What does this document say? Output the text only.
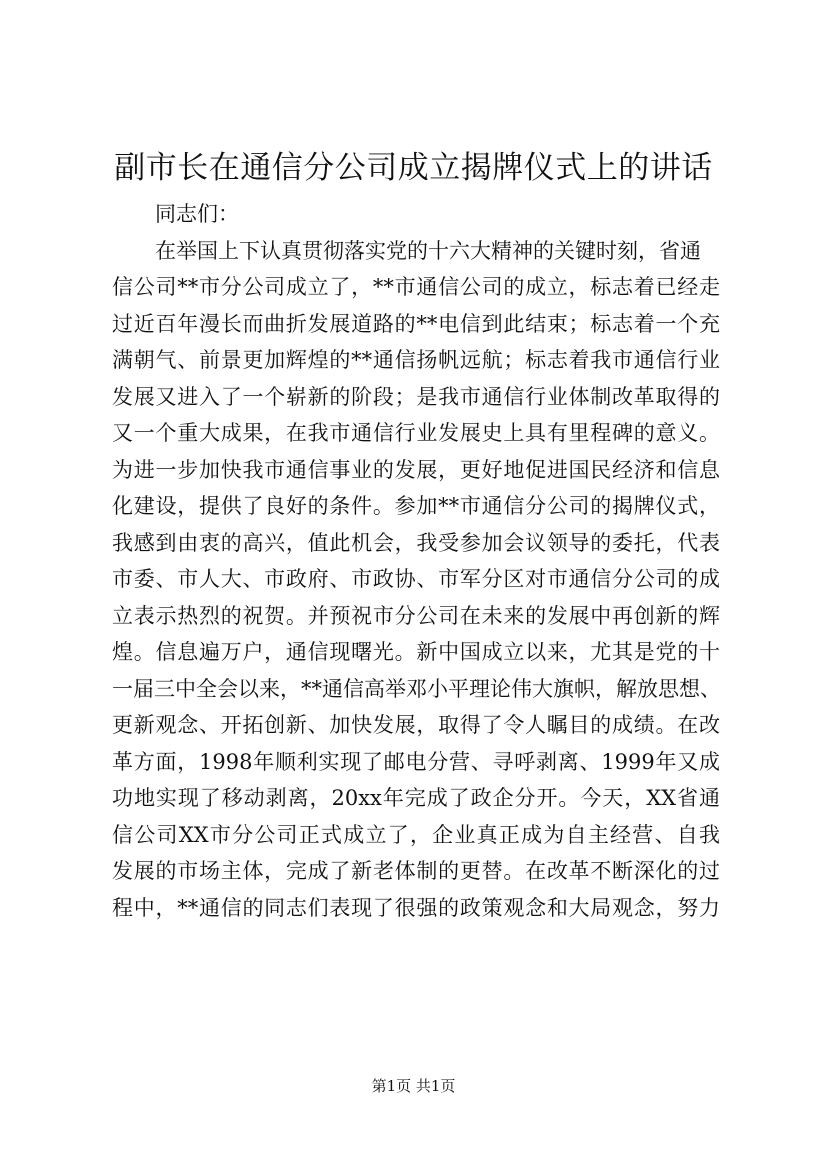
副市长在通信分公司成立揭牌仪式上的讲话
同志们：
在举国上下认真贯彻落实党的十六大精神的关键时刻，省通
信公司**市分公司成立了，**市通信公司的成立，标志着已经走
过近百年漫长而曲折发展道路的**电信到此结束；标志着一个充
满朝气、前景更加辉煌的**通信扬帆远航；标志着我市通信行业
发展又进入了一个崭新的阶段；是我市通信行业体制改革取得的
又一个重大成果，在我市通信行业发展史上具有里程碑的意义。
为进一步加快我市通信事业的发展，更好地促进国民经济和信息
化建设，提供了良好的条件。参加**市通信分公司的揭牌仪式，
我感到由衷的高兴，值此机会，我受参加会议领导的委托，代表
市委、市人大、市政府、市政协、市军分区对市通信分公司的成
立表示热烈的祝贺。并预祝市分公司在未来的发展中再创新的辉
煌。信息遍万户，通信现曙光。新中国成立以来，尤其是党的十
一届三中全会以来，**通信高举邓小平理论伟大旗帜，解放思想、
更新观念、开拓创新、加快发展，取得了令人瞩目的成绩。在改
革方面，1998年顺利实现了邮电分营、寻呼剥离、1999年又成
功地实现了移动剥离，20xx年完成了政企分开。今天，XX省通
信公司XX市分公司正式成立了，企业真正成为自主经营、自我
发展的市场主体，完成了新老体制的更替。在改革不断深化的过
程中，**通信的同志们表现了很强的政策观念和大局观念，努力
第1页 共1页
